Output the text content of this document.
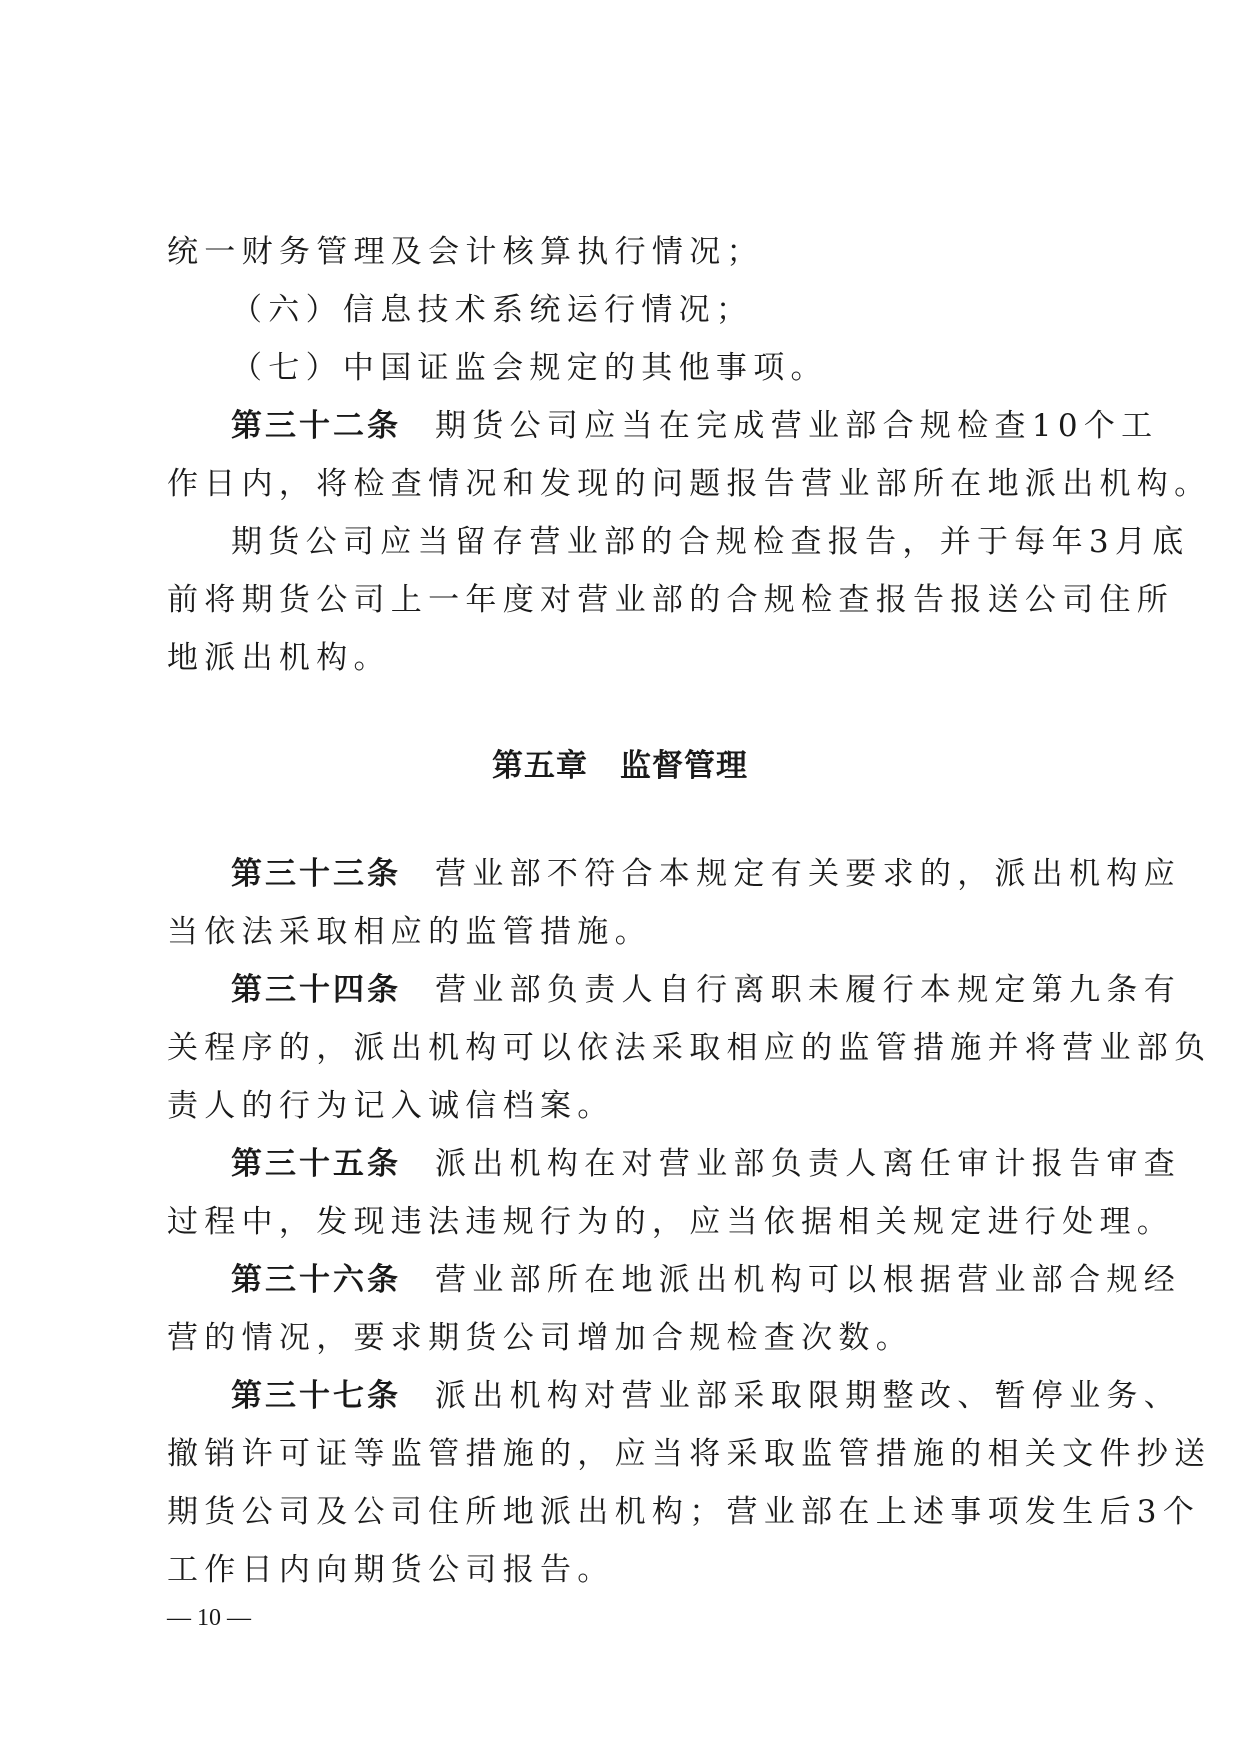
统一财务管理及会计核算执行情况；
（六）信息技术系统运行情况；
（七）中国证监会规定的其他事项。
第三十二条 期货公司应当在完成营业部合规检查10个工
作日内，将检查情况和发现的问题报告营业部所在地派出机构。
期货公司应当留存营业部的合规检查报告，并于每年3月底
前将期货公司上一年度对营业部的合规检查报告报送公司住所
地派出机构。
第五章　监督管理
第三十三条 营业部不符合本规定有关要求的，派出机构应
当依法采取相应的监管措施。
第三十四条 营业部负责人自行离职未履行本规定第九条有
关程序的，派出机构可以依法采取相应的监管措施并将营业部负
责人的行为记入诚信档案。
第三十五条 派出机构在对营业部负责人离任审计报告审查
过程中，发现违法违规行为的，应当依据相关规定进行处理。
第三十六条 营业部所在地派出机构可以根据营业部合规经
营的情况，要求期货公司增加合规检查次数。
第三十七条 派出机构对营业部采取限期整改、暂停业务、
撤销许可证等监管措施的，应当将采取监管措施的相关文件抄送
期货公司及公司住所地派出机构；营业部在上述事项发生后3个
工作日内向期货公司报告。
— 10 —
